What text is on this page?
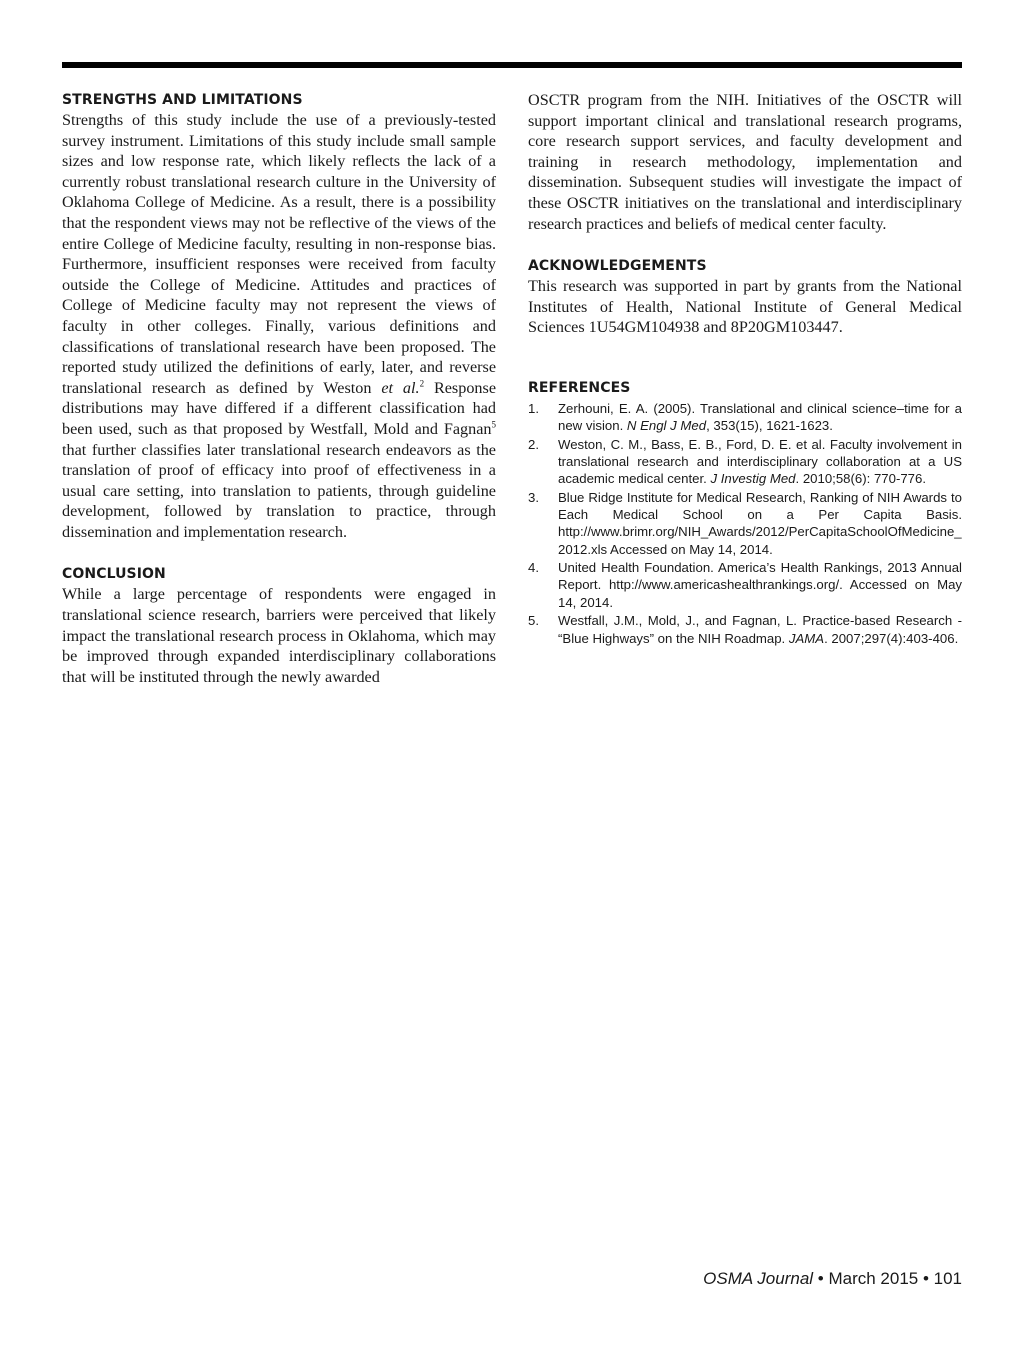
STRENGTHS AND LIMITATIONS

Strengths of this study include the use of a previously-tested survey instrument. Limitations of this study include small sample sizes and low response rate, which likely reflects the lack of a currently robust translational research culture in the University of Oklahoma College of Medicine. As a result, there is a possibility that the respondent views may not be reflective of the views of the entire College of Medicine faculty, resulting in non-response bias. Furthermore, insufficient responses were received from faculty outside the College of Medicine. Attitudes and practices of College of Medicine faculty may not represent the views of faculty in other colleges. Finally, various definitions and classifications of translational research have been proposed. The reported study utilized the definitions of early, later, and reverse translational research as defined by Weston et al.$^2$ Response distributions may have differed if a different classification had been used, such as that proposed by Westfall, Mold and Fagnan$^5$ that further classifies later translational research endeavors as the translation of proof of efficacy into proof of effectiveness in a usual care setting, into translation to patients, through guideline development, followed by translation to practice, through dissemination and implementation research.

CONCLUSION

While a large percentage of respondents were engaged in translational science research, barriers were perceived that likely impact the translational research process in Oklahoma, which may be improved through expanded interdisciplinary collaborations that will be instituted through the newly awarded

OSCTR program from the NIH. Initiatives of the OSCTR will support important clinical and translational research programs, core research support services, and faculty development and training in research methodology, implementation and dissemination. Subsequent studies will investigate the impact of these OSCTR initiatives on the translational and interdisciplinary research practices and beliefs of medical center faculty.

ACKNOWLEDGEMENTS

This research was supported in part by grants from the National Institutes of Health, National Institute of General Medical Sciences 1U54GM104938 and 8P20GM103447.

REFERENCES
1.	Zerhouni, E. A. (2005). Translational and clinical science–time for a new vision. N Engl J Med, 353(15), 1621-1623.
2.	Weston, C. M., Bass, E. B., Ford, D. E. et al. Faculty involvement in translational research and interdisciplinary collaboration at a US academic medical center. J Investig Med. 2010;58(6): 770-776.
3.	Blue Ridge Institute for Medical Research, Ranking of NIH Awards to Each Medical School on a Per Capita Basis. http://www.brimr.org/NIH_Awards/2012/PerCapitaSchoolOfMedicine_2012.xls Accessed on May 14, 2014.
4.	United Health Foundation. America’s Health Rankings, 2013 Annual Report. http://www.americashealthrankings.org/. Accessed on May 14, 2014.
5.	Westfall, J.M., Mold, J., and Fagnan, L. Practice-based Research - “Blue Highways” on the NIH Roadmap. JAMA. 2007;297(4):403-406.
OSMA Journal • March 2015 • 101
